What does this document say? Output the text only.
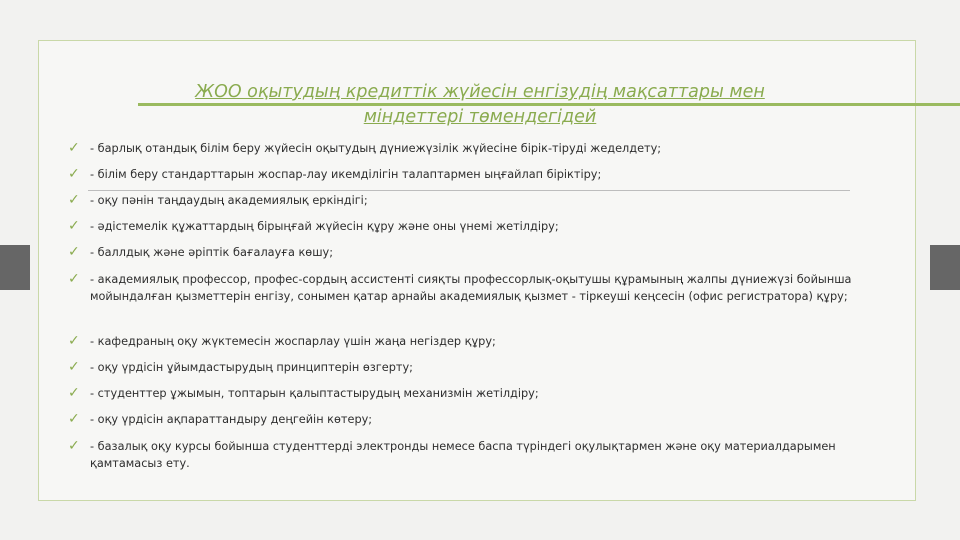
ЖОО оқытудың кредиттік жүйесін енгізудің мақсаттары мен
міндеттері төмендегідей
✓ - барлық отандық білім беру жүйесін оқытудың дүниежүзілік жүйесіне бірік-тіруді жеделдету;
✓ - білім беру стандарттарын жоспар-лау икемділігін талаптармен ыңғайлап біріктіру;
✓ - оқу пәнін таңдаудың академиялық еркіндігі;
✓ - әдістемелік құжаттардың бірыңғай жүйесін құру және оны үнемі жетілдіру;
✓ - баллдық және әріптік бағалауға көшу;
✓ - академиялық профессор, профес-сордың ассистенті сияқты профессорлық-оқытушы құрамының жалпы дүниежүзі бойынша мойындалған қызметтерін енгізу, сонымен қатар арнайы академиялық қызмет - тіркеуші кеңсесін (офис регистратора) құру;
✓ - кафедраның оқу жүктемесін жоспарлау үшін жаңа негіздер құру;
✓ - оқу үрдісін ұйымдастырудың принциптерін өзгерту;
✓ - студенттер ұжымын, топтарын қалыптастырудың механизмін жетілдіру;
✓ - оқу үрдісін ақпараттандыру деңгейін көтеру;
✓ - базалық оқу курсы бойынша студенттерді электронды немесе баспа түріндегі оқулықтармен және оқу материалдарымен қамтамасыз ету.
